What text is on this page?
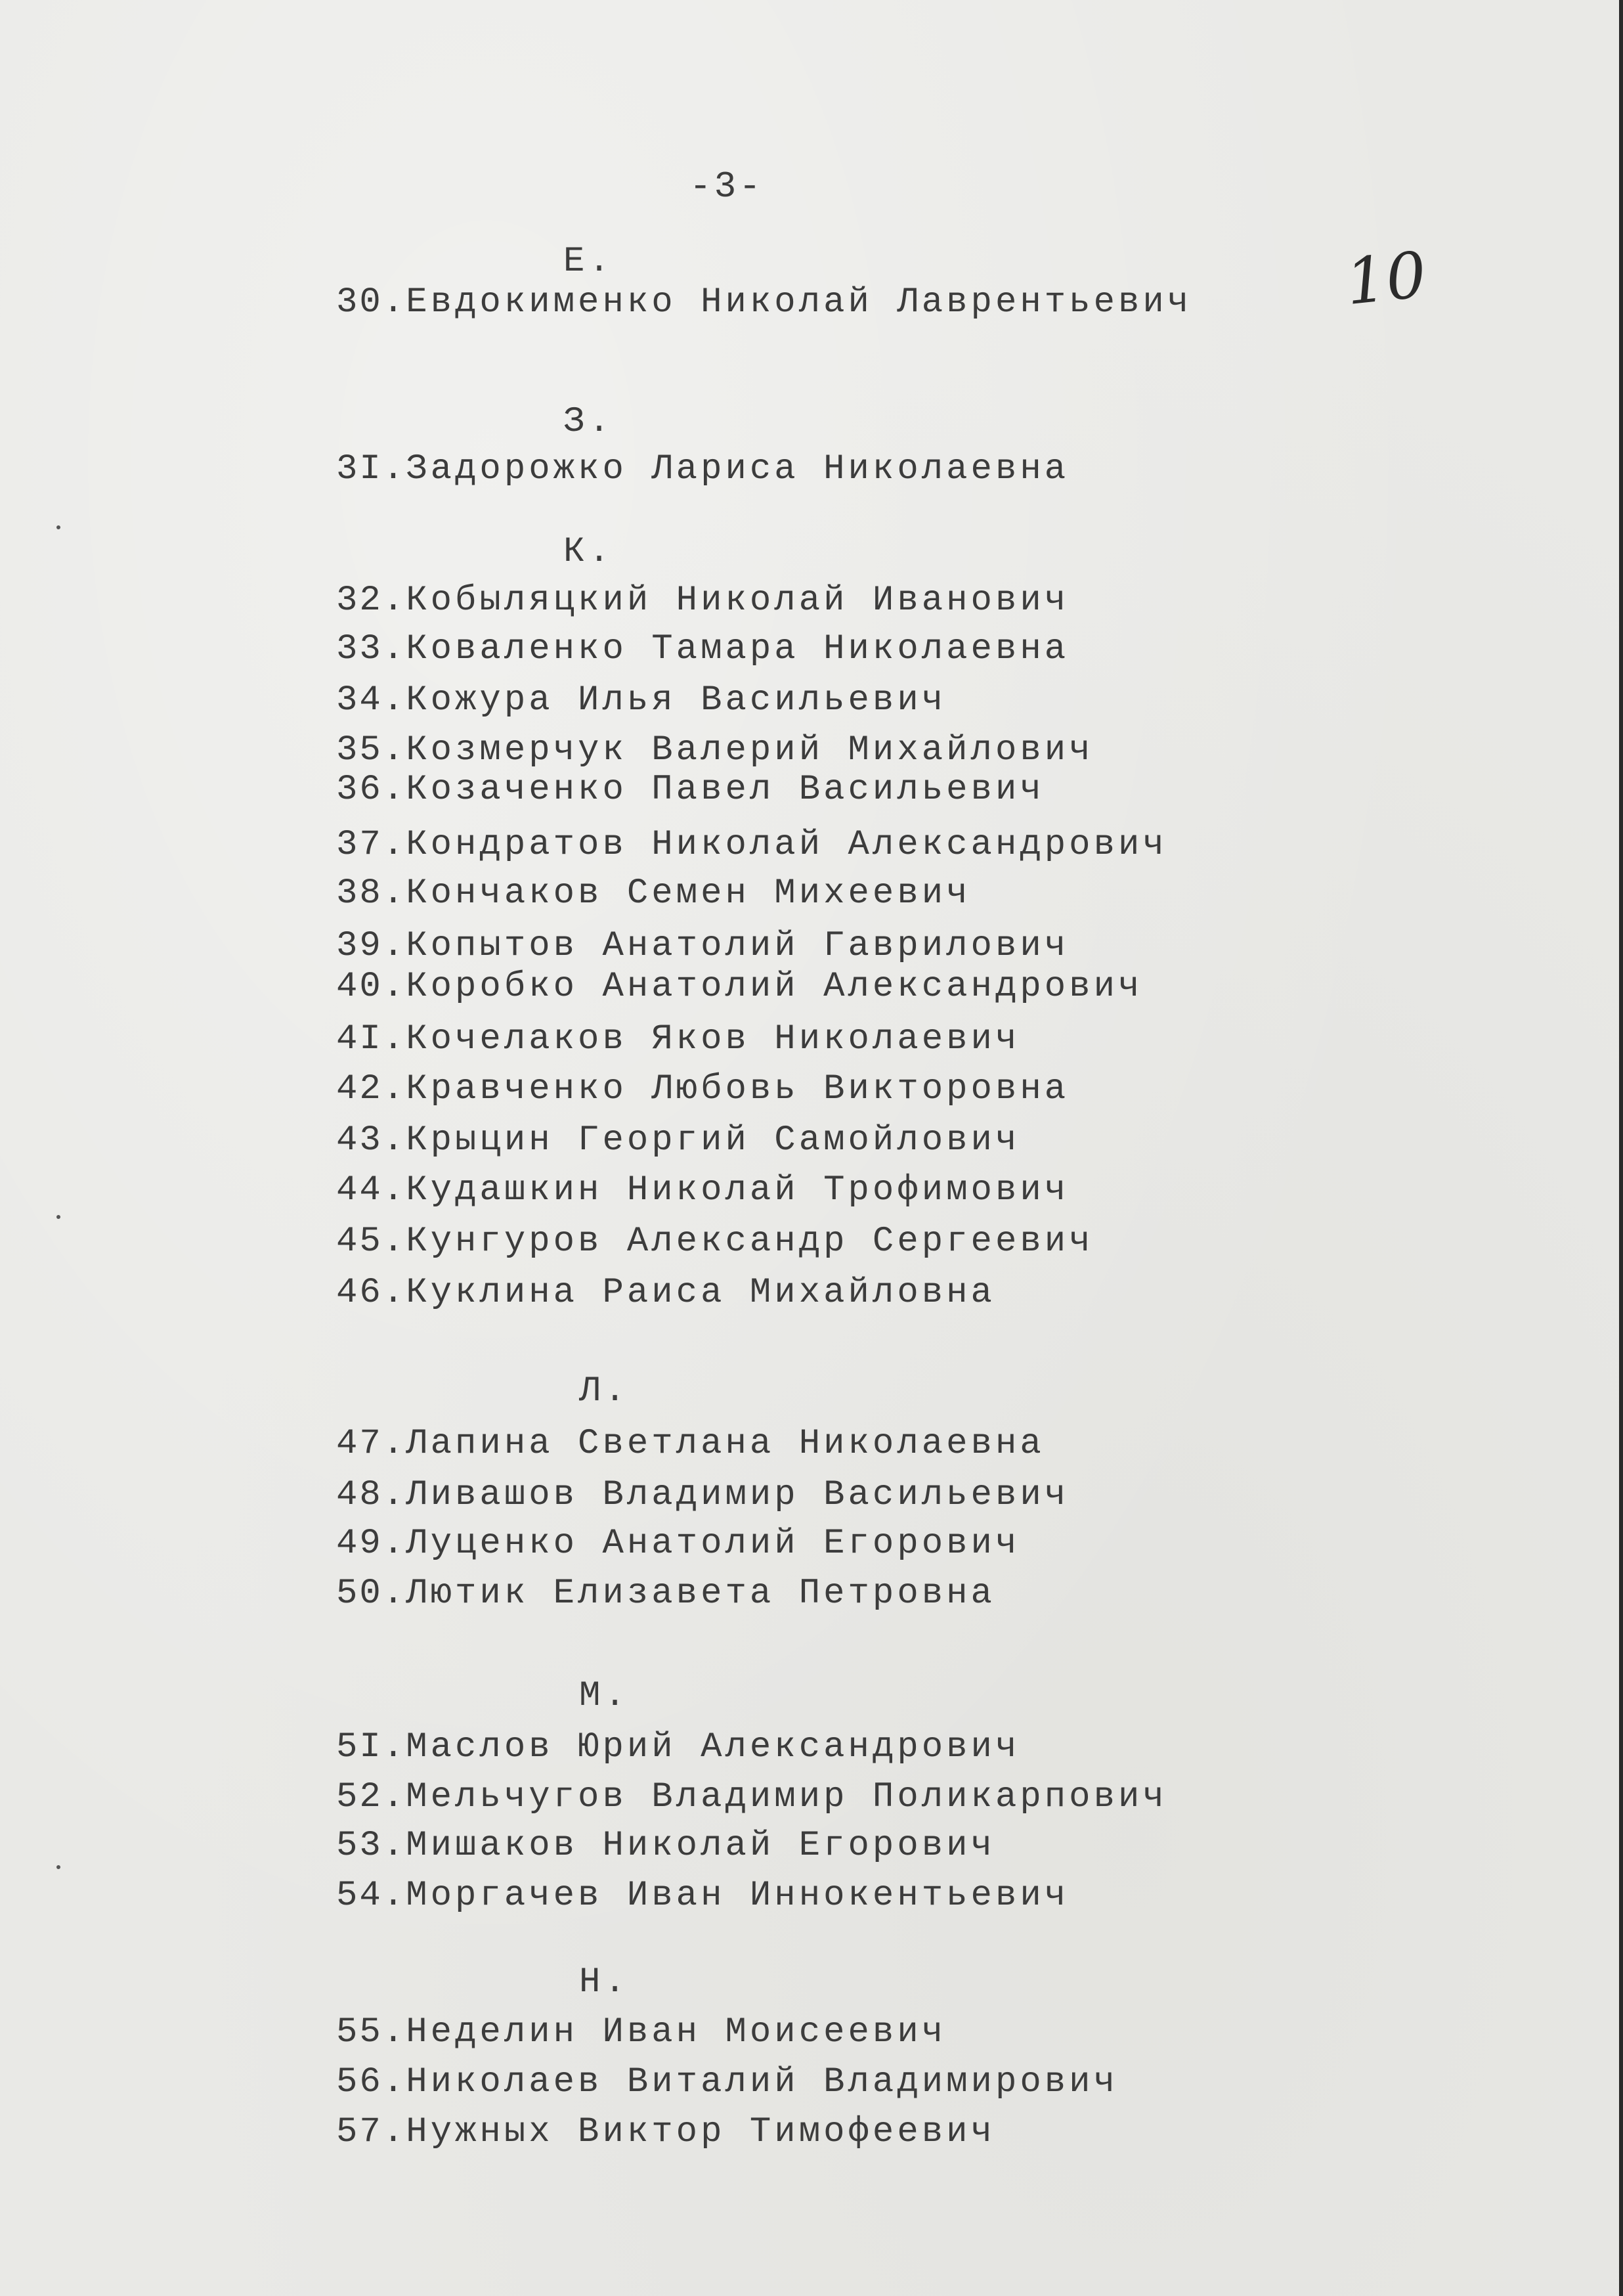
-3-
10
Е.
30.Евдокименко Николай Лаврентьевич
З.
3I.Задорожко Лариса Николаевна
К.
32.Кобыляцкий Николай Иванович
33.Коваленко Тамара Николаевна
34.Кожура Илья Васильевич
35.Козмерчук Валерий Михайлович
36.Козаченко Павел Васильевич
37.Кондратов Николай Александрович
38.Кончаков Семен Михеевич
39.Копытов Анатолий Гаврилович
40.Коробко Анатолий Александрович
4I.Кочелаков Яков Николаевич
42.Кравченко Любовь Викторовна
43.Крыцин Георгий Самойлович
44.Кудашкин Николай Трофимович
45.Кунгуров Александр Сергеевич
46.Куклина Раиса Михайловна
Л.
47.Лапина Светлана Николаевна
48.Ливашов Владимир Васильевич
49.Луценко Анатолий Егорович
50.Лютик Елизавета Петровна
М.
5I.Маслов Юрий Александрович
52.Мельчугов Владимир Поликарпович
53.Мишаков Николай Егорович
54.Моргачев Иван Иннокентьевич
Н.
55.Неделин Иван Моисеевич
56.Николаев Виталий Владимирович
57.Нужных Виктор Тимофеевич
